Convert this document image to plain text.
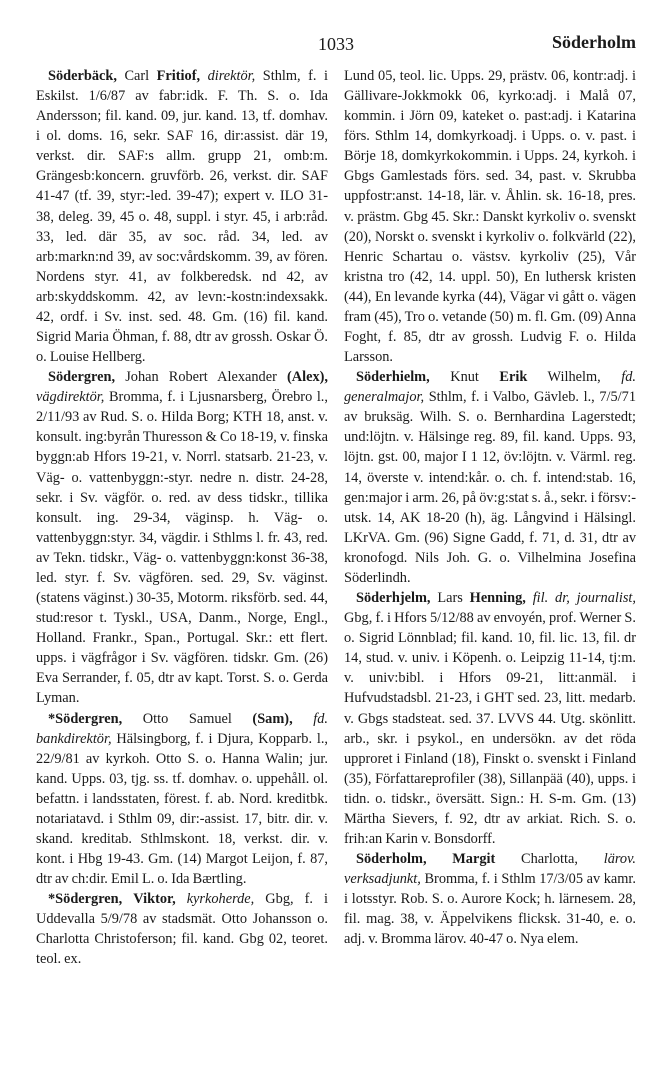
1033	Söderholm

Söderbäck, Carl Fritiof, direktör, Sthlm, f. i Eskilst. 1/6/87 av fabr:idk. F. Th. S. o. Ida Andersson; fil. kand. 09, jur. kand. 13, tf. domhav. i ol. doms. 16, sekr. SAF 16, dir:assist. där 19, verkst. dir. SAF:s allm. grupp 21, omb:m. Grängesb:koncern. gruvförb. 26, verkst. dir. SAF 41-47 (tf. 39, styr:-led. 39-47); expert v. ILO 31-38, deleg. 39, 45 o. 48, suppl. i styr. 45, i arb:råd. 33, led. där 35, av soc. råd. 34, led. av arb:markn:nd 39, av soc:vårdskomm. 39, av fören. Nordens styr. 41, av folkberedsk. nd 42, av arb:skyddskomm. 42, av levn:-kostn:indexsakk. 42, ordf. i Sv. inst. sed. 48. Gm. (16) fil. kand. Sigrid Maria Öhman, f. 88, dtr av grossh. Oskar Ö. o. Louise Hellberg.

Södergren, Johan Robert Alexander (Alex), vägdirektör, Bromma, f. i Ljusnarsberg, Örebro l., 2/11/93 av Rud. S. o. Hilda Borg; KTH 18, anst. v. konsult. ing:byrån Thuresson & Co 18-19, v. finska byggn:ab Hfors 19-21, v. Norrl. statsarb. 21-23, v. Väg- o. vattenbyggn:-styr. nedre n. distr. 24-28, sekr. i Sv. vägför. o. red. av dess tidskr., tillika konsult. ing. 29-34, väginsp. h. Väg- o. vattenbyggn:styr. 34, vägdir. i Sthlms l. fr. 43, red. av Tekn. tidskr., Väg- o. vattenbyggn:konst 36-38, led. styr. f. Sv. vägfören. sed. 29, Sv. väginst. (statens väginst.) 30-35, Motorm. riksförb. sed. 44, stud:resor t. Tyskl., USA, Danm., Norge, Engl., Holland. Frankr., Span., Portugal. Skr.: ett flert. upps. i vägfrågor i Sv. vägfören. tidskr. Gm. (26) Eva Serrander, f. 05, dtr av kapt. Torst. S. o. Gerda Lyman.

*Södergren, Otto Samuel (Sam), fd. bankdirektör, Hälsingborg, f. i Djura, Kopparb. l., 22/9/81 av kyrkoh. Otto S. o. Hanna Walin; jur. kand. Upps. 03, tjg. ss. tf. domhav. o. uppehåll. ol. befattn. i landsstaten, förest. f. ab. Nord. kreditbk. notariatavd. i Sthlm 09, dir:-assist. 17, bitr. dir. v. skand. kreditab. Sthlmskont. 18, verkst. dir. v. kont. i Hbg 19-43. Gm. (14) Margot Leijon, f. 87, dtr av ch:dir. Emil L. o. Ida Bærtling.

*Södergren, Viktor, kyrkoherde, Gbg, f. i Uddevalla 5/9/78 av stadsmät. Otto Johansson o. Charlotta Christoferson; fil. kand. Gbg 02, teoret. teol. ex.

Lund 05, teol. lic. Upps. 29, prästv. 06, kontr:adj. i Gällivare-Jokkmokk 06, kyrko:adj. i Malå 07, kommin. i Jörn 09, kateket o. past:adj. i Katarina förs. Sthlm 14, domkyrkoadj. i Upps. o. v. past. i Börje 18, domkyrkokommin. i Upps. 24, kyrkoh. i Gbgs Gamlestads förs. sed. 34, past. v. Skrubba uppfostr:anst. 14-18, lär. v. Åhlin. sk. 16-18, pres. v. prästm. Gbg 45. Skr.: Danskt kyrkoliv o. svenskt (20), Norskt o. svenskt i kyrkoliv o. folkvärld (22), Henric Schartau o. västsv. kyrkoliv (25), Vår kristna tro (42, 14. uppl. 50), En luthersk kristen (44), En levande kyrka (44), Vägar vi gått o. vägen fram (45), Tro o. vetande (50) m. fl. Gm. (09) Anna Foght, f. 85, dtr av grossh. Ludvig F. o. Hilda Larsson.

Söderhielm, Knut Erik Wilhelm, fd. generalmajor, Sthlm, f. i Valbo, Gävleb. l., 7/5/71 av bruksäg. Wilh. S. o. Bernhardina Lagerstedt; und:löjtn. v. Hälsinge reg. 89, fil. kand. Upps. 93, löjtn. gst. 00, major I 1 12, öv:löjtn. v. Värml. reg. 14, överste v. intend:kår. o. ch. f. intend:stab. 16, gen:major i arm. 26, på öv:g:stat s. å., sekr. i försv:-utsk. 14, AK 18-20 (h), äg. Långvind i Hälsingl. LKrVA. Gm. (96) Signe Gadd, f. 71, d. 31, dtr av kronofogd. Nils Joh. G. o. Vilhelmina Josefina Söderlindh.

Söderhjelm, Lars Henning, fil. dr, journalist, Gbg, f. i Hfors 5/12/88 av envoyén, prof. Werner S. o. Sigrid Lönnblad; fil. kand. 10, fil. lic. 13, fil. dr 14, stud. v. univ. i Köpenh. o. Leipzig 11-14, tj:m. v. univ:bibl. i Hfors 09-21, litt:anmäl. i Hufvudstadsbl. 21-23, i GHT sed. 23, litt. medarb. v. Gbgs stadsteat. sed. 37. LVVS 44. Utg. skönlitt. arb., skr. i psykol., en undersökn. av det röda upproret i Finland (18), Finskt o. svenskt i Finland (35), Författareprofiler (38), Sillanpää (40), upps. i tidn. o. tidskr., översätt. Sign.: H. S-m. Gm. (13) Märtha Sievers, f. 92, dtr av arkiat. Rich. S. o. frih:an Karin v. Bonsdorff.

Söderholm, Margit Charlotta, lärov. verksadjunkt, Bromma, f. i Sthlm 17/3/05 av kamr. i lotsstyr. Rob. S. o. Aurore Kock; h. lärnesem. 28, fil. mag. 38, v. Äppelvikens flicksk. 31-40, e. o. adj. v. Bromma lärov. 40-47 o. Nya elem.
